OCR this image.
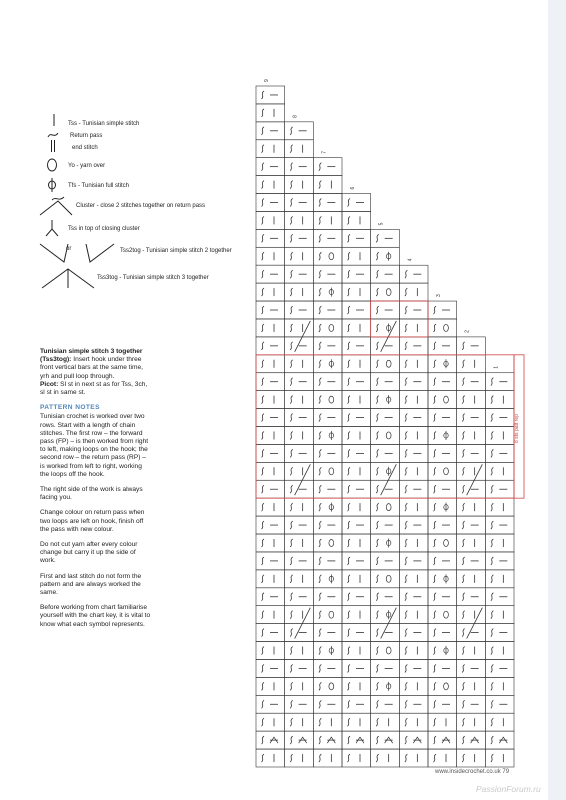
Tss - Tunisian simple stitch
Return pass
end stitch
Yo - yarn over
Tfs - Tunisian full stitch
Cluster - close 2 stitches together on return pass
Tss in top of closing cluster
or	Tss2tog - Tunisian simple stitch 2 together
Tss3tog - Tunisian simple stitch 3 together

Tunisian simple stitch 3 together (Tss3tog): Insert hook under three front vertical bars at the same time, yrh and pull loop through.
Picot: Sl st in next st as for Tss, 3ch, sl st in same st.

PATTERN NOTES

Tunisian crochet is worked over two rows. Start with a length of chain stitches. The first row – the forward pass (FP) – is then worked from right to left, making loops on the hook; the second row – the return pass (RP) – is worked from left to right, working the loops off the hook.

The right side of the work is always facing you.

Change colour on return pass when two loops are left on hook, finish off the pass with new colour.

Do not cut yarn after every colour change but carry it up the side of work.

First and last stitch do not form the pattern and are always worked the same.

Before working from chart familiarise yourself with the chart key, it is vital to know what each symbol represents.

9
8
7
6
5
4
3
2
1
8 sts patt rep
www.insidecrochet.co.uk 79
PassionForum.ru
